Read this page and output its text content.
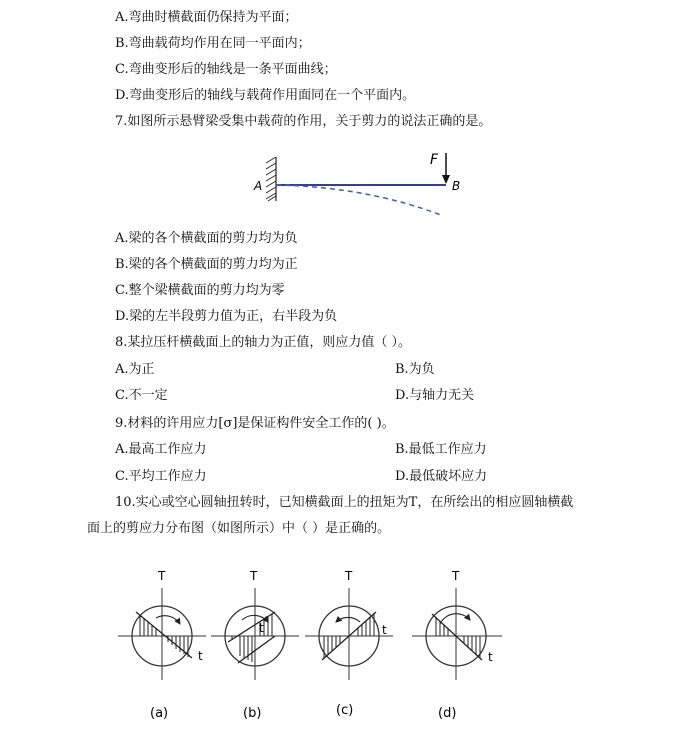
A.弯曲时横截面仍保持为平面；
B.弯曲载荷均作用在同一平面内；
C.弯曲变形后的轴线是一条平面曲线；
D.弯曲变形后的轴线与载荷作用面同在一个平面内。
7.如图所示悬臂梁受集中载荷的作用，关于剪力的说法正确的是。
F
A	B
A.梁的各个横截面的剪力均为负
B.梁的各个横截面的剪力均为正
C.整个梁横截面的剪力均为零
D.梁的左半段剪力值为正，右半段为负
8.某拉压杆横截面上的轴力为正值，则应力值（ ）。
A.为正	B.为负
C.不一定	D.与轴力无关
9.材料的许用应力[σ]是保证构件安全工作的( )。
A.最高工作应力	B.最低工作应力
C.平均工作应力	D.最低破坏应力
10.实心或空心圆轴扭转时，已知横截面上的扭矩为T，在所绘出的相应圆轴横截
面上的剪应力分布图（如图所示）中（ ）是正确的。
T
t
(a)
T
t
(b)
T
t
(c)
T
t
(d)
